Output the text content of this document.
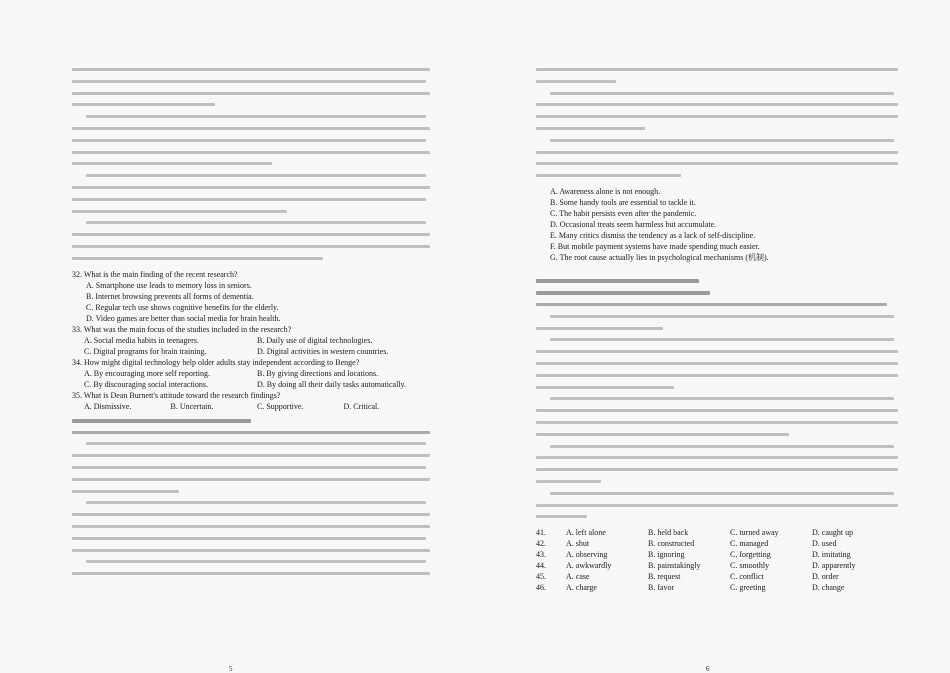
32. What is the main finding of the recent research?
A. Smartphone use leads to memory loss in seniors.
B. Internet browsing prevents all forms of dementia.
C. Regular tech use shows cognitive benefits for the elderly.
D. Video games are better than social media for brain health.
33. What was the main focus of the studies included in the research?
A. Social media habits in teenagers.	B. Daily use of digital technologies.
C. Digital programs for brain training.	D. Digital activities in western countries.
34. How might digital technology help older adults stay independent according to Benge?
A. By encouraging more self reporting.	B. By giving directions and locations.
C. By discouraging social interactions.	D. By doing all their daily tasks automatically.
35. What is Dean Burnett's attitude toward the research findings?
A. Dismissive.	B. Uncertain.	C. Supportive.	D. Critical.
5
A. Awareness alone is not enough.
B. Some handy tools are essential to tackle it.
C. The habit persists even after the pandemic.
D. Occasional treats seem harmless but accumulate.
E. Many critics dismiss the tendency as a lack of self-discipline.
F. But mobile payment systems have made spending much easier.
G. The root cause actually lies in psychological mechanisms (机制).
41.	A. left alone	B. held back	C. turned away	D. caught up
42.	A. shut	B. constructed	C. managed	D. used
43.	A. observing	B. ignoring	C. forgetting	D. imitating
44.	A. awkwardly	B. painstakingly	C. smoothly	D. apparently
45.	A. case	B. request	C. conflict	D. order
46.	A. charge	B. favor	C. greeting	D. change
6
